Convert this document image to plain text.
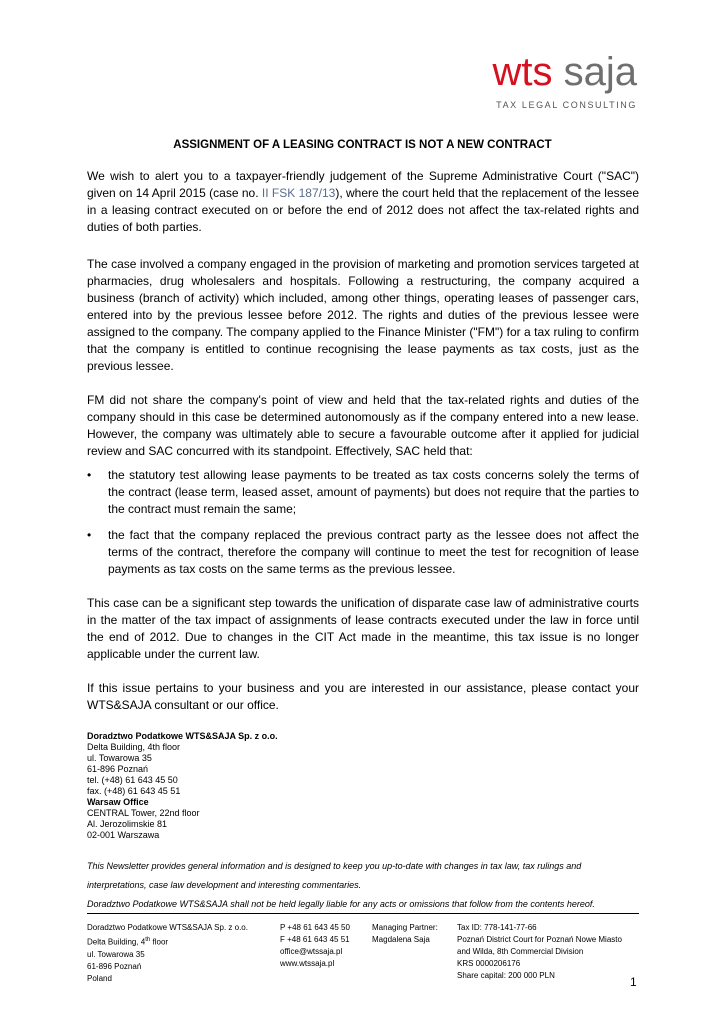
wts saja
TAX LEGAL CONSULTING
ASSIGNMENT OF A LEASING CONTRACT IS NOT A NEW CONTRACT

We wish to alert you to a taxpayer-friendly judgement of the Supreme Administrative Court ("SAC") given on 14 April 2015 (case no. II FSK 187/13), where the court held that the replacement of the lessee in a leasing contract executed on or before the end of 2012 does not affect the tax-related rights and duties of both parties.

The case involved a company engaged in the provision of marketing and promotion services targeted at pharmacies, drug wholesalers and hospitals. Following a restructuring, the company acquired a business (branch of activity) which included, among other things, operating leases of passenger cars, entered into by the previous lessee before 2012. The rights and duties of the previous lessee were assigned to the company. The company applied to the Finance Minister ("FM") for a tax ruling to confirm that the company is entitled to continue recognising the lease payments as tax costs, just as the previous lessee.

FM did not share the company's point of view and held that the tax-related rights and duties of the company should in this case be determined autonomously as if the company entered into a new lease. However, the company was ultimately able to secure a favourable outcome after it applied for judicial review and SAC concurred with its standpoint. Effectively, SAC held that:

• the statutory test allowing lease payments to be treated as tax costs concerns solely the terms of the contract (lease term, leased asset, amount of payments) but does not require that the parties to the contract must remain the same;
• the fact that the company replaced the previous contract party as the lessee does not affect the terms of the contract, therefore the company will continue to meet the test for recognition of lease payments as tax costs on the same terms as the previous lessee.

This case can be a significant step towards the unification of disparate case law of administrative courts in the matter of the tax impact of assignments of lease contracts executed under the law in force until the end of 2012. Due to changes in the CIT Act made in the meantime, this tax issue is no longer applicable under the current law.

If this issue pertains to your business and you are interested in our assistance, please contact your WTS&SAJA consultant or our office.

Doradztwo Podatkowe WTS&SAJA Sp. z o.o.
Delta Building, 4th floor
ul. Towarowa 35
61-896 Poznań
tel. (+48) 61 643 45 50
fax. (+48) 61 643 45 51
Warsaw Office
CENTRAL Tower, 22nd floor
Al. Jerozolimskie 81
02-001 Warszawa
This Newsletter provides general information and is designed to keep you up-to-date with changes in tax law, tax rulings and
interpretations, case law development and interesting commentaries.
Doradztwo Podatkowe WTS&SAJA shall not be held legally liable for any acts or omissions that follow from the contents hereof.
Doradztwo Podatkowe WTS&SAJA Sp. z o.o.
Delta Building, 4th floor
ul. Towarowa 35
61-896 Poznań
Poland
P +48 61 643 45 50
F +48 61 643 45 51
office@wtssaja.pl
www.wtssaja.pl
Managing Partner:
Magdalena Saja
Tax ID: 778-141-77-66
Poznań District Court for Poznań Nowe Miasto
and Wilda, 8th Commercial Division
KRS 0000206176
Share capital: 200 000 PLN	1
